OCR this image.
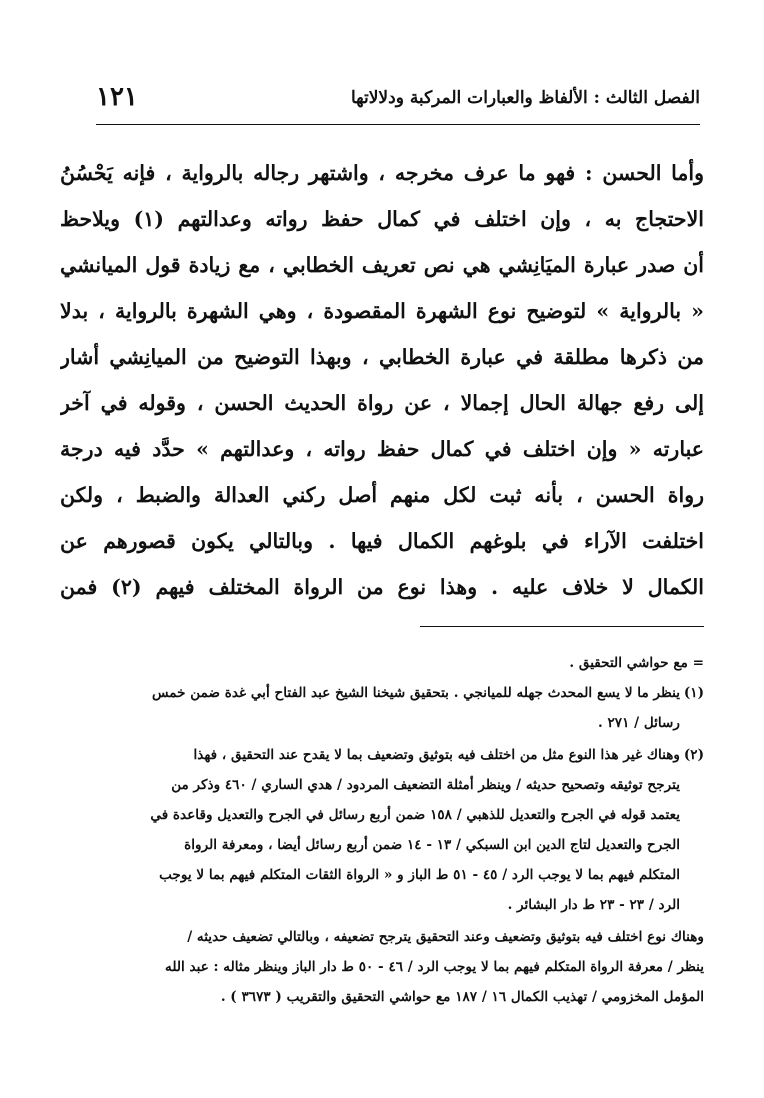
الفصل الثالث : الألفاظ والعبارات المركبة ودلالاتها
١٢١
وأما الحسن : فهو ما عرف مخرجه ، واشتهر رجاله بالرواية ، فإنه يَحْسُنُ
الاحتجاج به ، وإن اختلف في كمال حفظ رواته وعدالتهم (١) ويلاحظ
أن صدر عبارة الميَانِشي هي نص تعريف الخطابي ، مع زيادة قول الميانشي
« بالرواية » لتوضيح نوع الشهرة المقصودة ، وهي الشهرة بالرواية ، بدلا
من ذكرها مطلقة في عبارة الخطابي ، وبهذا التوضيح من الميانِشي أشار
إلى رفع جهالة الحال إجمالا ، عن رواة الحديث الحسن ، وقوله في آخر
عبارته « وإن اختلف في كمال حفظ رواته ، وعدالتهم » حدَّد فيه درجة
رواة الحسن ، بأنه ثبت لكل منهم أصل ركني العدالة والضبط ، ولكن
اختلفت الآراء في بلوغهم الكمال فيها . وبالتالي يكون قصورهم عن
الكمال لا خلاف عليه . وهذا نوع من الرواة المختلف فيهم (٢) فمن
= مع حواشي التحقيق .
(١)ينظر ما لا يسع المحدث جهله للميانجي . بتحقيق شيخنا الشيخ عبد الفتاح أبي غدة ضمن خمس
رسائل / ٢٧١ .
(٢)وهناك غير هذا النوع مثل من اختلف فيه بتوثيق وتضعيف بما لا يقدح عند التحقيق ، فهذا
يترجح توثيقه وتصحيح حديثه / وينظر أمثلة التضعيف المردود / هدي الساري / ٤٦٠ وذكر من
يعتمد قوله في الجرح والتعديل للذهبي / ١٥٨ ضمن أربع رسائل في الجرح والتعديل وقاعدة في
الجرح والتعديل لتاج الدين ابن السبكي / ١٣ - ١٤ ضمن أربع رسائل أيضا ، ومعرفة الرواة
المتكلم فيهم بما لا يوجب الرد / ٤٥ - ٥١ ط الباز و « الرواة الثقات المتكلم فيهم بما لا يوجب
الرد / ٢٣ - ٢٣ ط دار البشائر .
وهناك نوع اختلف فيه بتوثيق وتضعيف وعند التحقيق يترجح تضعيفه ، وبالتالي تضعيف حديثه /
ينظر / معرفة الرواة المتكلم فيهم بما لا يوجب الرد / ٤٦ - ٥٠ ط دار الباز وينظر مثاله : عبد الله
المؤمل المخزومي / تهذيب الكمال ١٦ / ١٨٧ مع حواشي التحقيق والتقريب ( ٣٦٧٣ ) .
